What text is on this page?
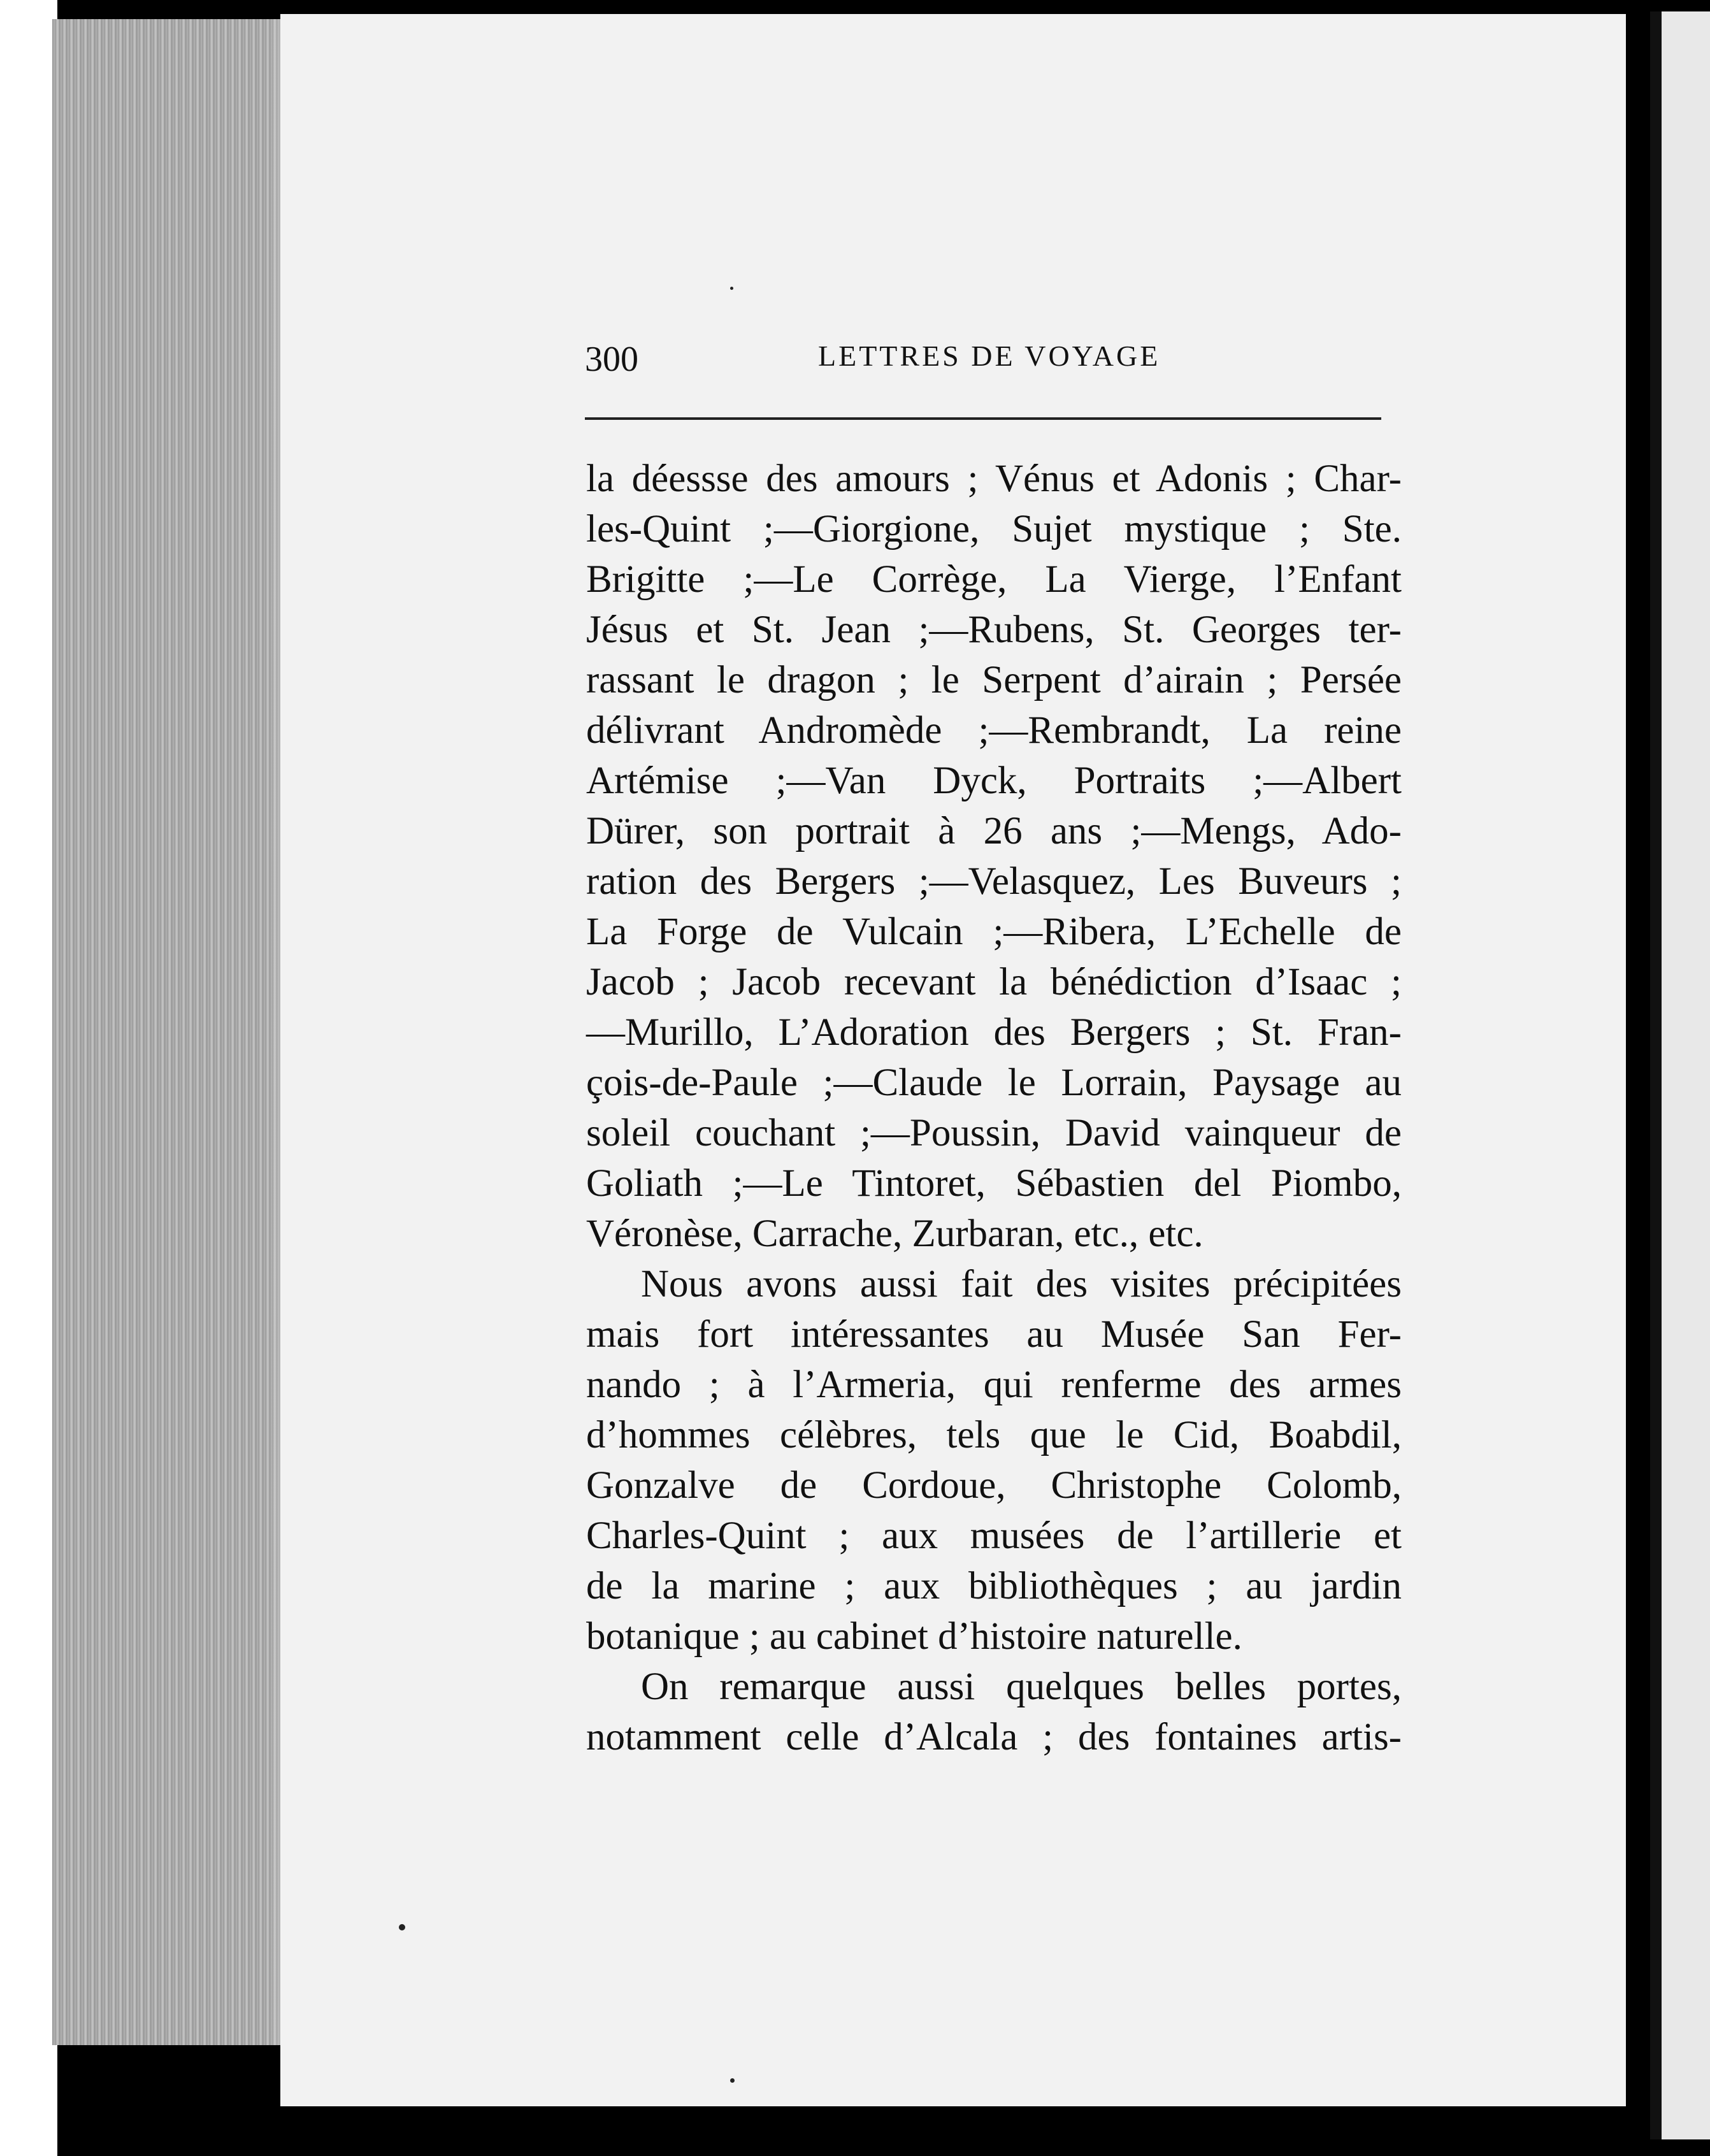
300	LETTRES DE VOYAGE
la déessse des amours ; Vénus et Adonis ; Char-
les-Quint ;—Giorgione, Sujet mystique ; Ste.
Brigitte ;—Le Corrège, La Vierge, l’Enfant
Jésus et St. Jean ;—Rubens, St. Georges ter-
rassant le dragon ; le Serpent d’airain ; Persée
délivrant Andromède ;—Rembrandt, La reine
Artémise ;—Van Dyck, Portraits ;—Albert
Dürer, son portrait à 26 ans ;—Mengs, Ado-
ration des Bergers ;—Velasquez, Les Buveurs ;
La Forge de Vulcain ;—Ribera, L’Echelle de
Jacob ; Jacob recevant la bénédiction d’Isaac ;
—Murillo, L’Adoration des Bergers ; St. Fran-
çois-de-Paule ;—Claude le Lorrain, Paysage au
soleil couchant ;—Poussin, David vainqueur de
Goliath ;—Le Tintoret, Sébastien del Piombo,
Véronèse, Carrache, Zurbaran, etc., etc.
Nous avons aussi fait des visites précipitées
mais fort intéressantes au Musée San Fer-
nando ; à l’Armeria, qui renferme des armes
d’hommes célèbres, tels que le Cid, Boabdil,
Gonzalve de Cordoue, Christophe Colomb,
Charles-Quint ; aux musées de l’artillerie et
de la marine ; aux bibliothèques ; au jardin
botanique ; au cabinet d’histoire naturelle.
On remarque aussi quelques belles portes,
notamment celle d’Alcala ; des fontaines artis-
